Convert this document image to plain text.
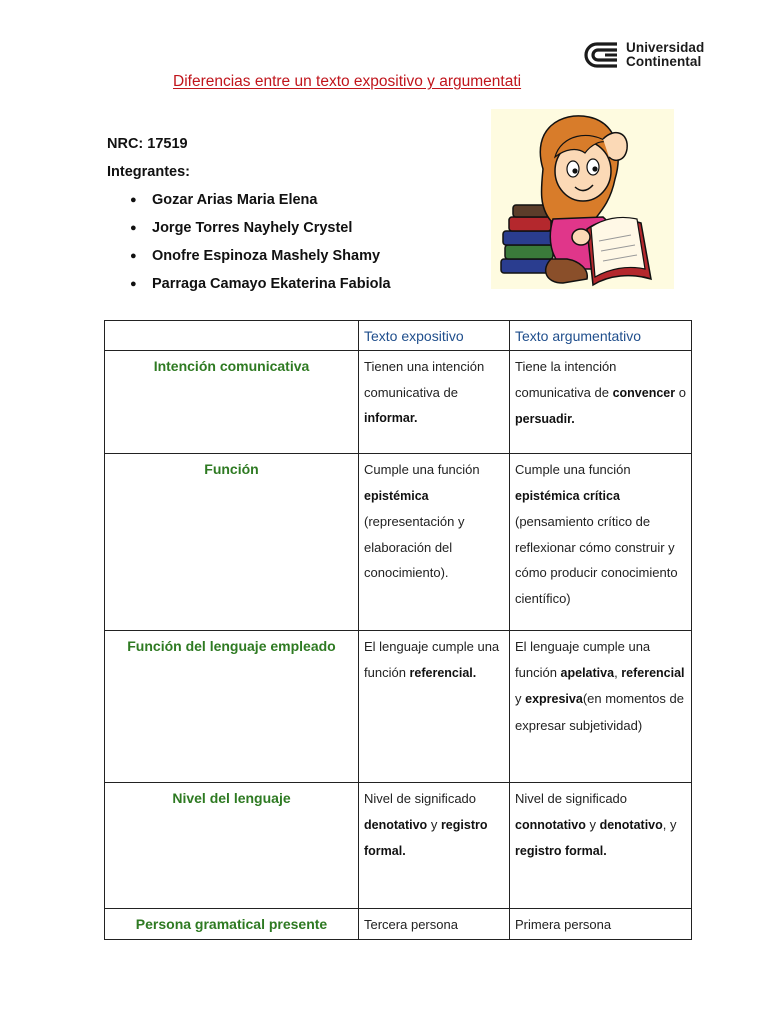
Universidad
Continental
Diferencias entre un texto expositivo y argumentati
NRC: 17519
Integrantes:
● Gozar Arias Maria Elena
● Jorge Torres Nayhely Crystel
● Onofre Espinoza Mashely Shamy
● Parraga Camayo Ekaterina Fabiola
	Texto expositivo	Texto argumentativo
Intención comunicativa	Tienen una intención comunicativa de informar.	Tiene la intención comunicativa de convencer o persuadir.
Función	Cumple una función epistémica (representación y elaboración del conocimiento).	Cumple una función epistémica crítica (pensamiento crítico de reflexionar cómo construir y cómo producir conocimiento científico)
Función del lenguaje empleado	El lenguaje cumple una función referencial.	El lenguaje cumple una función apelativa, referencial y expresiva(en momentos de expresar subjetividad)
Nivel del lenguaje	Nivel de significado denotativo y registro formal.	Nivel de significado connotativo y denotativo, y registro formal.
Persona gramatical presente	Tercera persona	Primera persona
